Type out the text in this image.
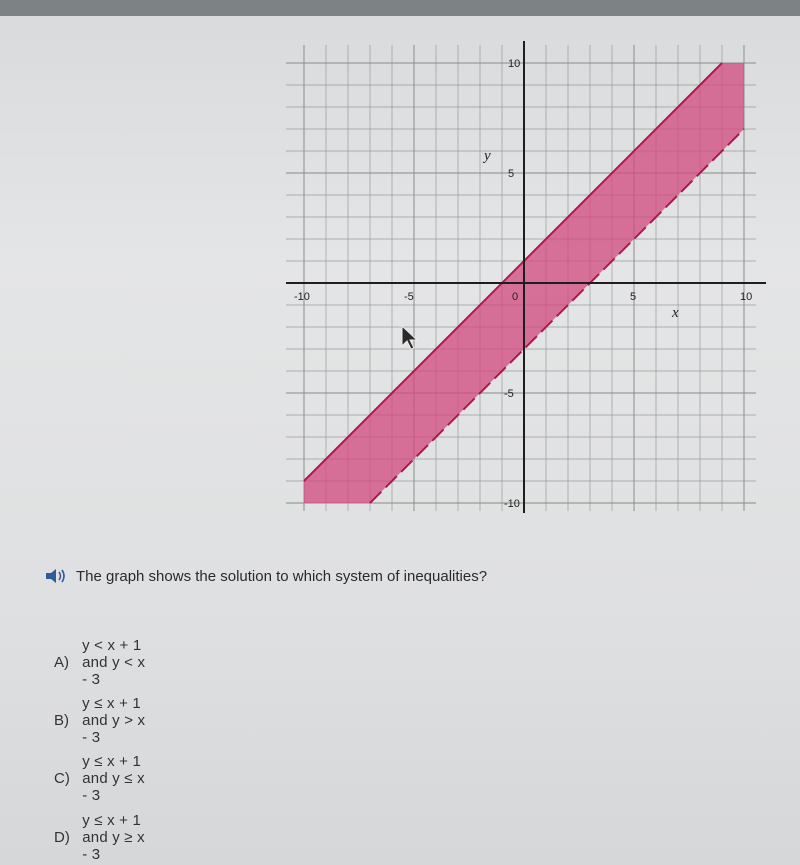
-10	-5	0	5	10
10
5
-5
-10
y
x
The graph shows the solution to which system of inequalities?
A)
y < x + 1 and y < x - 3
B)
y ≤ x + 1 and y > x - 3
C)
y ≤ x + 1 and y ≤ x - 3
D)
y ≤ x + 1 and y ≥ x - 3
